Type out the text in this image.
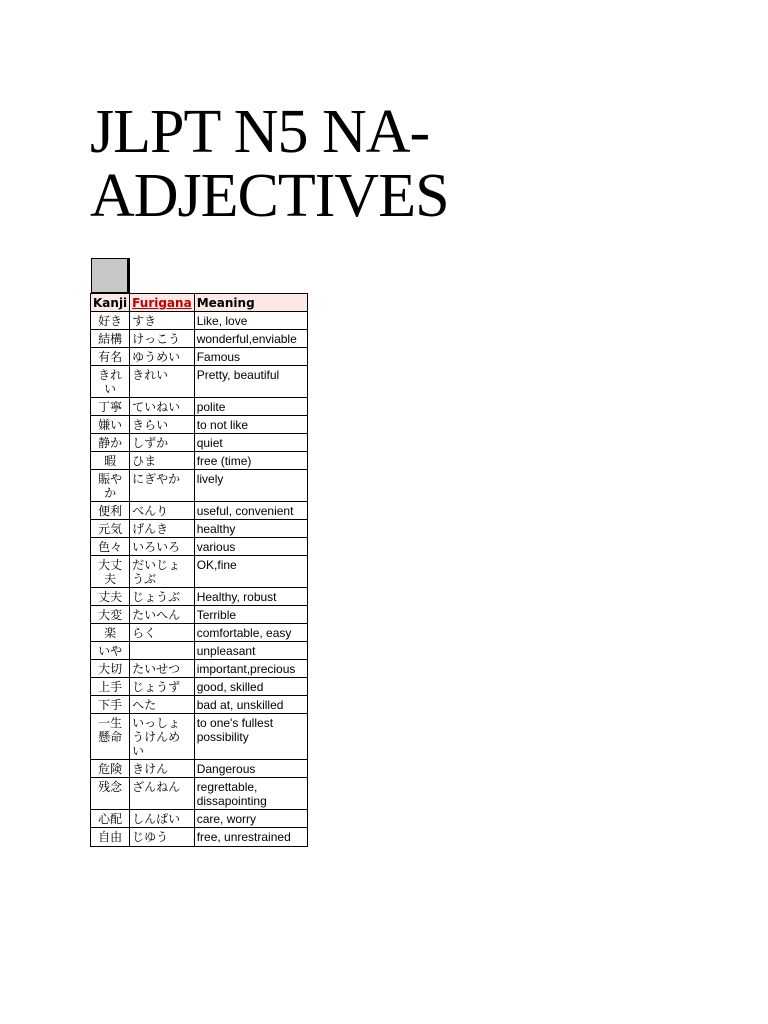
JLPT N5 NA-
ADJECTIVES
Kanji	Furigana	Meaning
好き	すき	Like, love
結構	けっこう	wonderful,enviable
有名	ゆうめい	Famous
きれい	きれい	Pretty, beautiful
丁寧	ていねい	polite
嫌い	きらい	to not like
静か	しずか	quiet
暇	ひま	free (time)
賑やか	にぎやか	lively
便利	べんり	useful, convenient
元気	げんき	healthy
色々	いろいろ	various
大丈夫	だいじょうぶ	OK,fine
丈夫	じょうぶ	Healthy, robust
大変	たいへん	Terrible
楽	らく	comfortable, easy
いや		unpleasant
大切	たいせつ	important,precious
上手	じょうず	good, skilled
下手	へた	bad at, unskilled
一生懸命	いっしょうけんめい	to one's fullest possibility
危険	きけん	Dangerous
残念	ざんねん	regrettable, dissapointing
心配	しんぱい	care, worry
自由	じゆう	free, unrestrained
